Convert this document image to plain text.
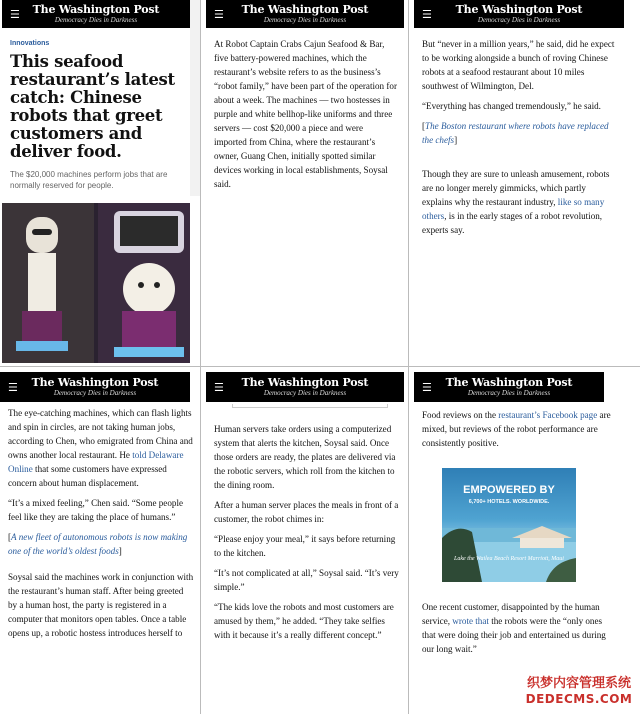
☰	The Washington Post
Democracy Dies in Darkness
Innovations
This seafood restaurant’s latest catch: Chinese robots that greet customers and deliver food.
The $20,000 machines perform jobs that are normally reserved for people.
☰	The Washington Post
Democracy Dies in Darkness

At Robot Captain Crabs Cajun Seafood & Bar, five battery-powered machines, which the restaurant’s website refers to as the business’s “robot family,” have been part of the operation for about a week. The machines — two hostesses in purple and white bellhop-like uniforms and three servers — cost $20,000 a piece and were imported from China, where the restaurant’s owner, Guang Chen, initially spotted similar devices working in local establishments, Soysal said.

☰	The Washington Post
Democracy Dies in Darkness

But “never in a million years,” he said, did he expect to be working alongside a bunch of roving Chinese robots at a seafood restaurant about 10 miles southwest of Wilmington, Del.

“Everything has changed tremendously,” he said.

[The Boston restaurant where robots have replaced the chefs]

Though they are sure to unleash amusement, robots are no longer merely gimmicks, which partly explains why the restaurant industry, like so many others, is in the early stages of a robot revolution, experts say.

☰	The Washington Post
Democracy Dies in Darkness

The eye-catching machines, which can flash lights and spin in circles, are not taking human jobs, according to Chen, who emigrated from China and owns another local restaurant. He told Delaware Online that some customers have expressed concern about human displacement.

“It’s a mixed feeling,” Chen said. “Some people feel like they are taking the place of humans.”

[A new fleet of autonomous robots is now making one of the world’s oldest foods]

Soysal said the machines work in conjunction with the restaurant’s human staff. After being greeted by a human host, the party is registered in a computer that monitors open tables. Once a table opens up, a robotic hostess introduces herself to

☰	The Washington Post
Democracy Dies in Darkness

Human servers take orders using a computerized system that alerts the kitchen, Soysal said. Once those orders are ready, the plates are delivered via the robotic servers, which roll from the kitchen to the dining room.

After a human server places the meals in front of a customer, the robot chimes in:

“Please enjoy your meal,” it says before returning to the kitchen.

“It’s not complicated at all,” Soysal said. “It’s very simple.”

“The kids love the robots and most customers are amused by them,” he added. “They take selfies with it because it’s a really different concept.”

☰	The Washington Post
Democracy Dies in Darkness

Food reviews on the restaurant’s Facebook page are mixed, but reviews of the robot performance are consistently positive.

EMPOWERED BY
6,700+ HOTELS. WORLDWIDE.
Lake the Wailea Beach Resort Marriott, Maui

One recent customer, disappointed by the human service, wrote that the robots were the “only ones that were doing their job and entertained us during our long wait.”

织梦内容管理系统
DEDECMS.COM
